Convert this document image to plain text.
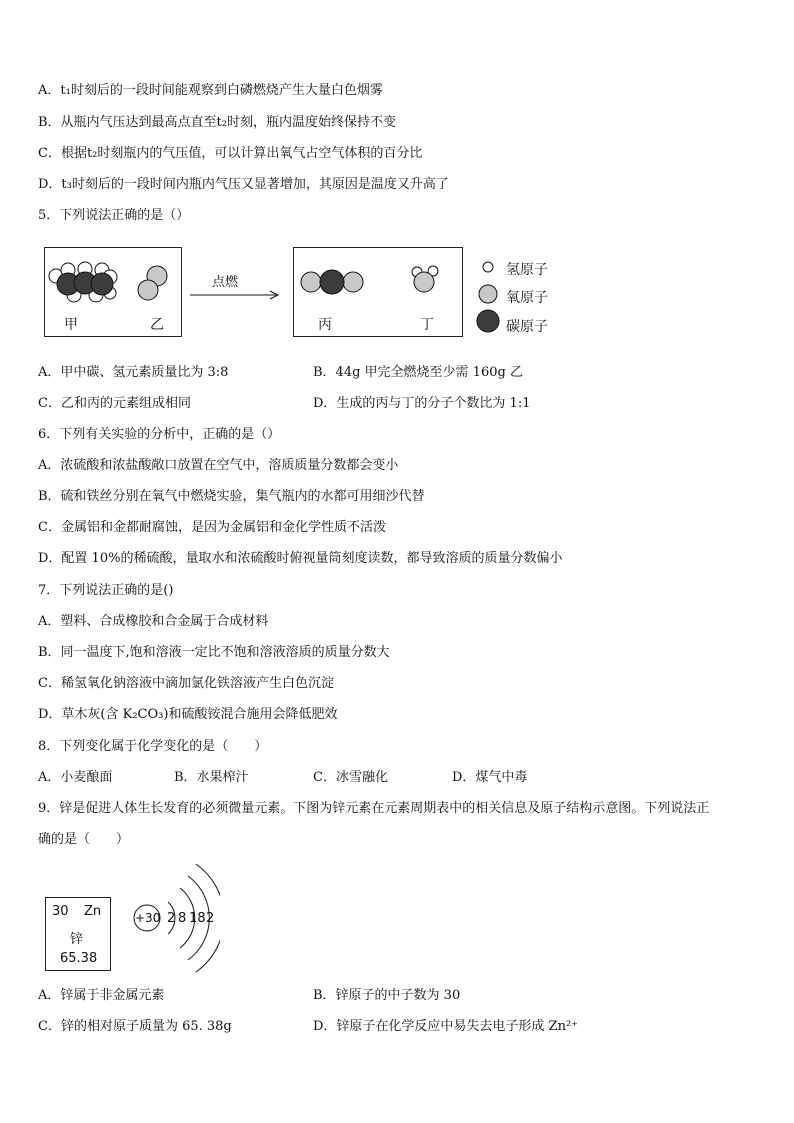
A．t₁时刻后的一段时间能观察到白磷燃烧产生大量白色烟雾
B．从瓶内气压达到最高点直至t₂时刻，瓶内温度始终保持不变
C．根据t₂时刻瓶内的气压值，可以计算出氧气占空气体积的百分比
D．t₃时刻后的一段时间内瓶内气压又显著增加，其原因是温度又升高了
5．下列说法正确的是（）
甲	乙
点燃
丙	丁
氢原子
氧原子
碳原子
A．甲中碳、氢元素质量比为 3:8	B．44g 甲完全燃烧至少需 160g 乙
C．乙和丙的元素组成相同	D．生成的丙与丁的分子个数比为 1:1
6．下列有关实验的分析中，正确的是（）
A．浓硫酸和浓盐酸敞口放置在空气中，溶质质量分数都会变小
B．硫和铁丝分别在氧气中燃烧实验，集气瓶内的水都可用细沙代替
C．金属铝和金都耐腐蚀，是因为金属铝和金化学性质不活泼
D．配置 10%的稀硫酸，量取水和浓硫酸时俯视量筒刻度读数，都导致溶质的质量分数偏小
7．下列说法正确的是()
A．塑料、合成橡胶和合金属于合成材料
B．同一温度下,饱和溶液一定比不饱和溶液溶质的质量分数大
C．稀氢氧化钠溶液中滴加氯化铁溶液产生白色沉淀
D．草木灰(含 K₂CO₃)和硫酸铵混合施用会降低肥效
8．下列变化属于化学变化的是（　　）
A．小麦酿面	B．水果榨汁	C．冰雪融化	D．煤气中毒
9．锌是促进人体生长发育的必须微量元素。下图为锌元素在元素周期表中的相关信息及原子结构示意图。下列说法正
确的是（　　）
30 Zn
锌
65.38
+30 2 8 18 2
A．锌属于非金属元素	B．锌原子的中子数为 30
C．锌的相对原子质量为 65. 38g	D．锌原子在化学反应中易失去电子形成 Zn²⁺
